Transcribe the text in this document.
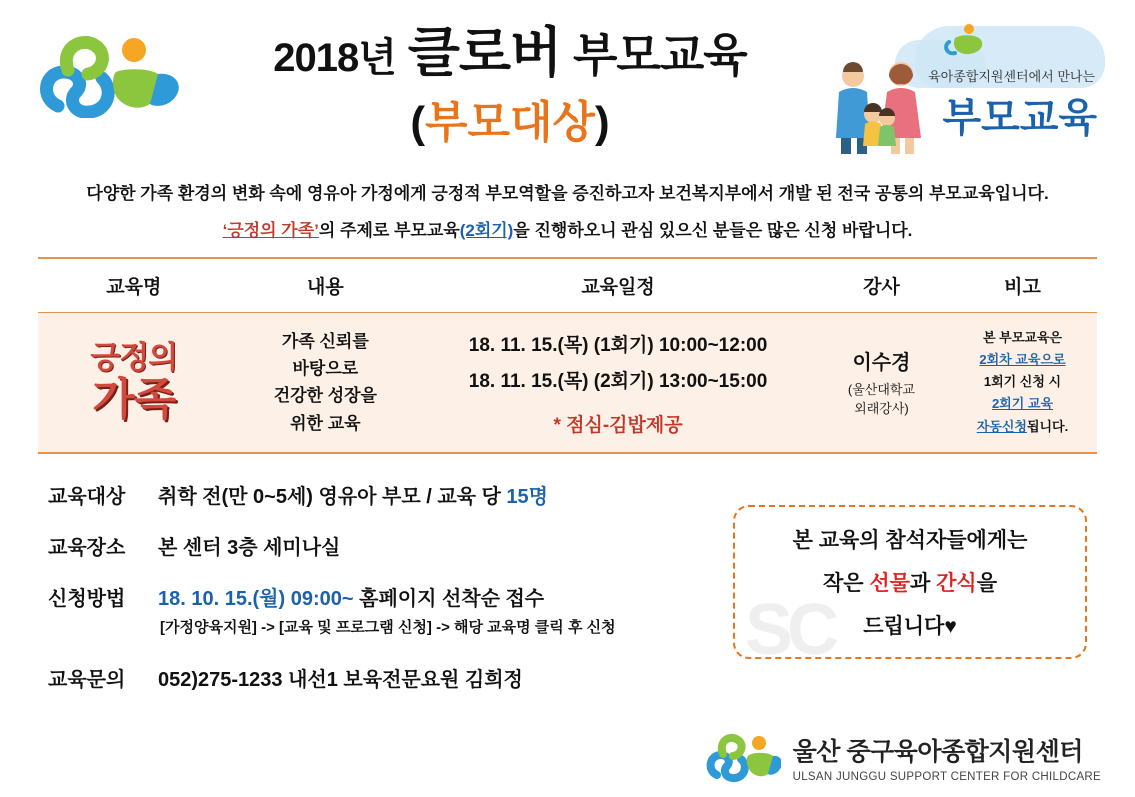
2018년 클로버 부모교육
(부모대상)
육아종합지원센터에서 만나는
부모교육
다양한 가족 환경의 변화 속에 영유아 가정에게 긍정적 부모역할을 증진하고자 보건복지부에서 개발 된 전국 공통의 부모교육입니다.
‘긍정의 가족’의 주제로 부모교육(2회기)을 진행하오니 관심 있으신 분들은 많은 신청 바랍니다.
교육명	내용	교육일정	강사	비고

긍정의
가족

가족 신뢰를
바탕으로
건강한 성장을
위한 교육

18. 11. 15.(목) (1회기) 10:00~12:00
18. 11. 15.(목) (2회기) 13:00~15:00
* 점심-김밥제공

이수경
(울산대학교
외래강사)

본 부모교육은
2회차 교육으로
1회기 신청 시
2회기 교육
자동신청됩니다.
교육대상	취학 전(만 0~5세) 영유아 부모 / 교육 당 15명
교육장소	본 센터 3층 세미나실
신청방법	18. 10. 15.(월) 09:00~ 홈페이지 선착순 접수
[가정양육지원] -> [교육 및 프로그램 신청] -> 해당 교육명 클릭 후 신청
교육문의	052)275-1233 내선1 보육전문요원 김희정
SC
본 교육의 참석자들에게는
작은 선물과 간식을
드립니다♥
울산 중구육아종합지원센터
ULSAN JUNGGU SUPPORT CENTER FOR CHILDCARE
